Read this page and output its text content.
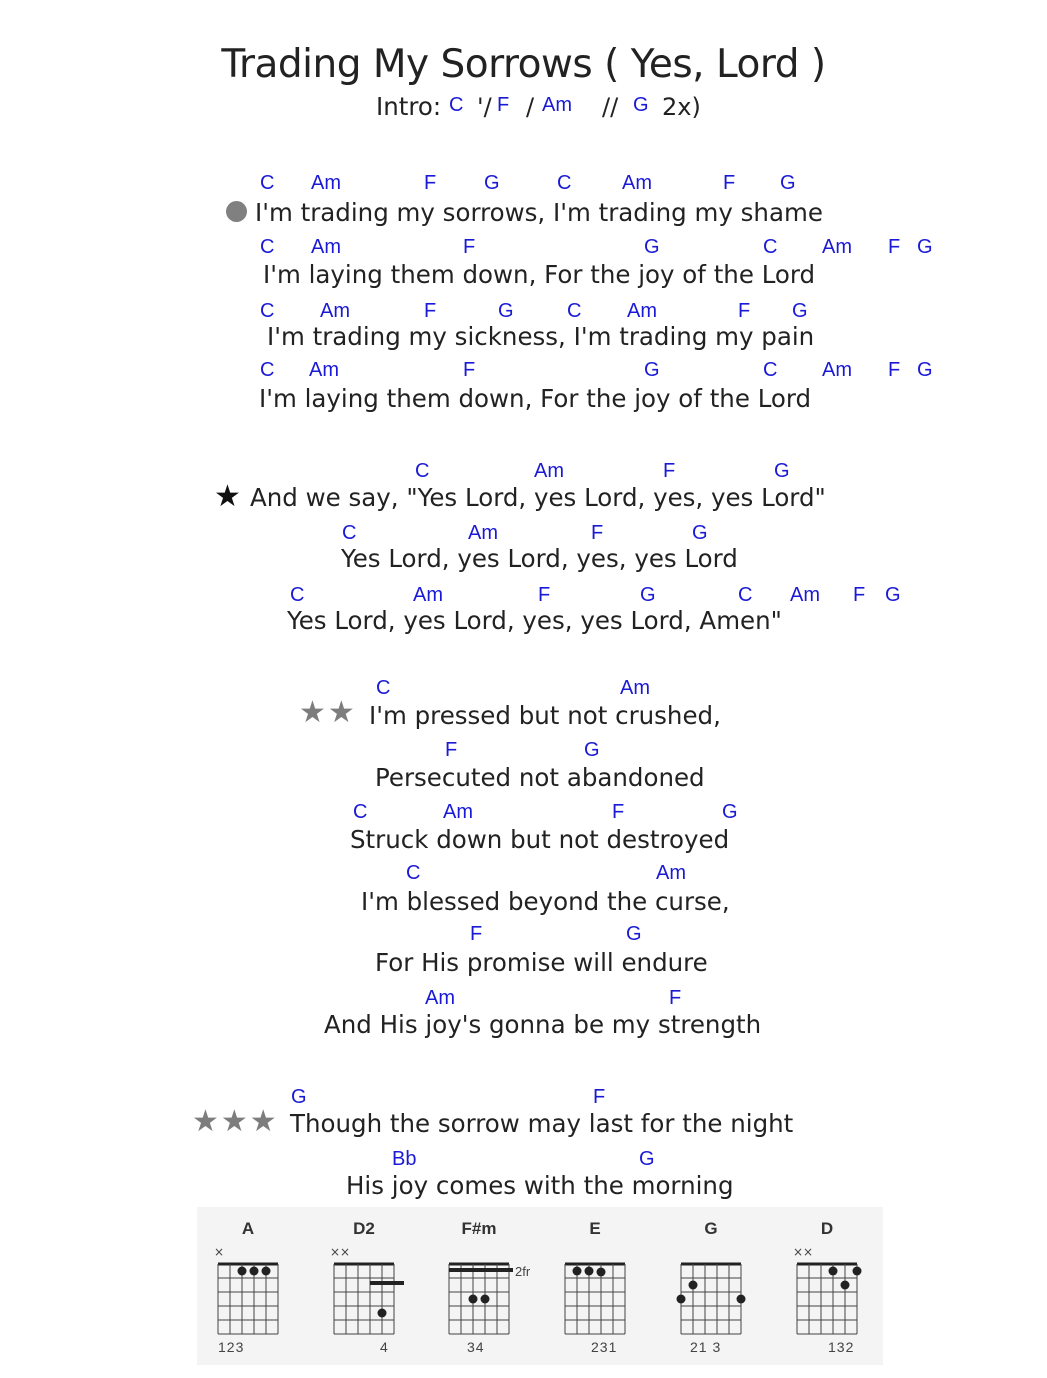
Trading My Sorrows ( Yes, Lord )
A
×
123
D2
××
4
F#m
2fr
34
E
231
G
21 3
D
××
132
Intro: C '/ F / Am // G 2x)
I'm trading my sorrows, I'm trading my shame
C Am	F G	C	Am	F G
I'm laying them down, For the joy of the Lord
C Am	F	G	C Am F G
I'm trading my sickness, I'm trading my pain
C Am	F	G	C Am	F G
I'm laying them down, For the joy of the Lord
C Am	F	G	C Am F G
★ And we say, "Yes Lord, yes Lord, yes, yes Lord"
C	Am	F	G
Yes Lord, yes Lord, yes, yes Lord
C	Am	F	G
Yes Lord, yes Lord, yes, yes Lord, Amen"
C	Am	F	G	C Am F G
★★ I'm pressed but not crushed,
C	Am
Persecuted not abandoned
F	G
Struck down but not destroyed
C	Am	F	G
I'm blessed beyond the curse,
C	Am
For His promise will endure
F	G
And His joy's gonna be my strength
Am	F
★★★ Though the sorrow may last for the night
G	F
His joy comes with the morning
Bb	G
